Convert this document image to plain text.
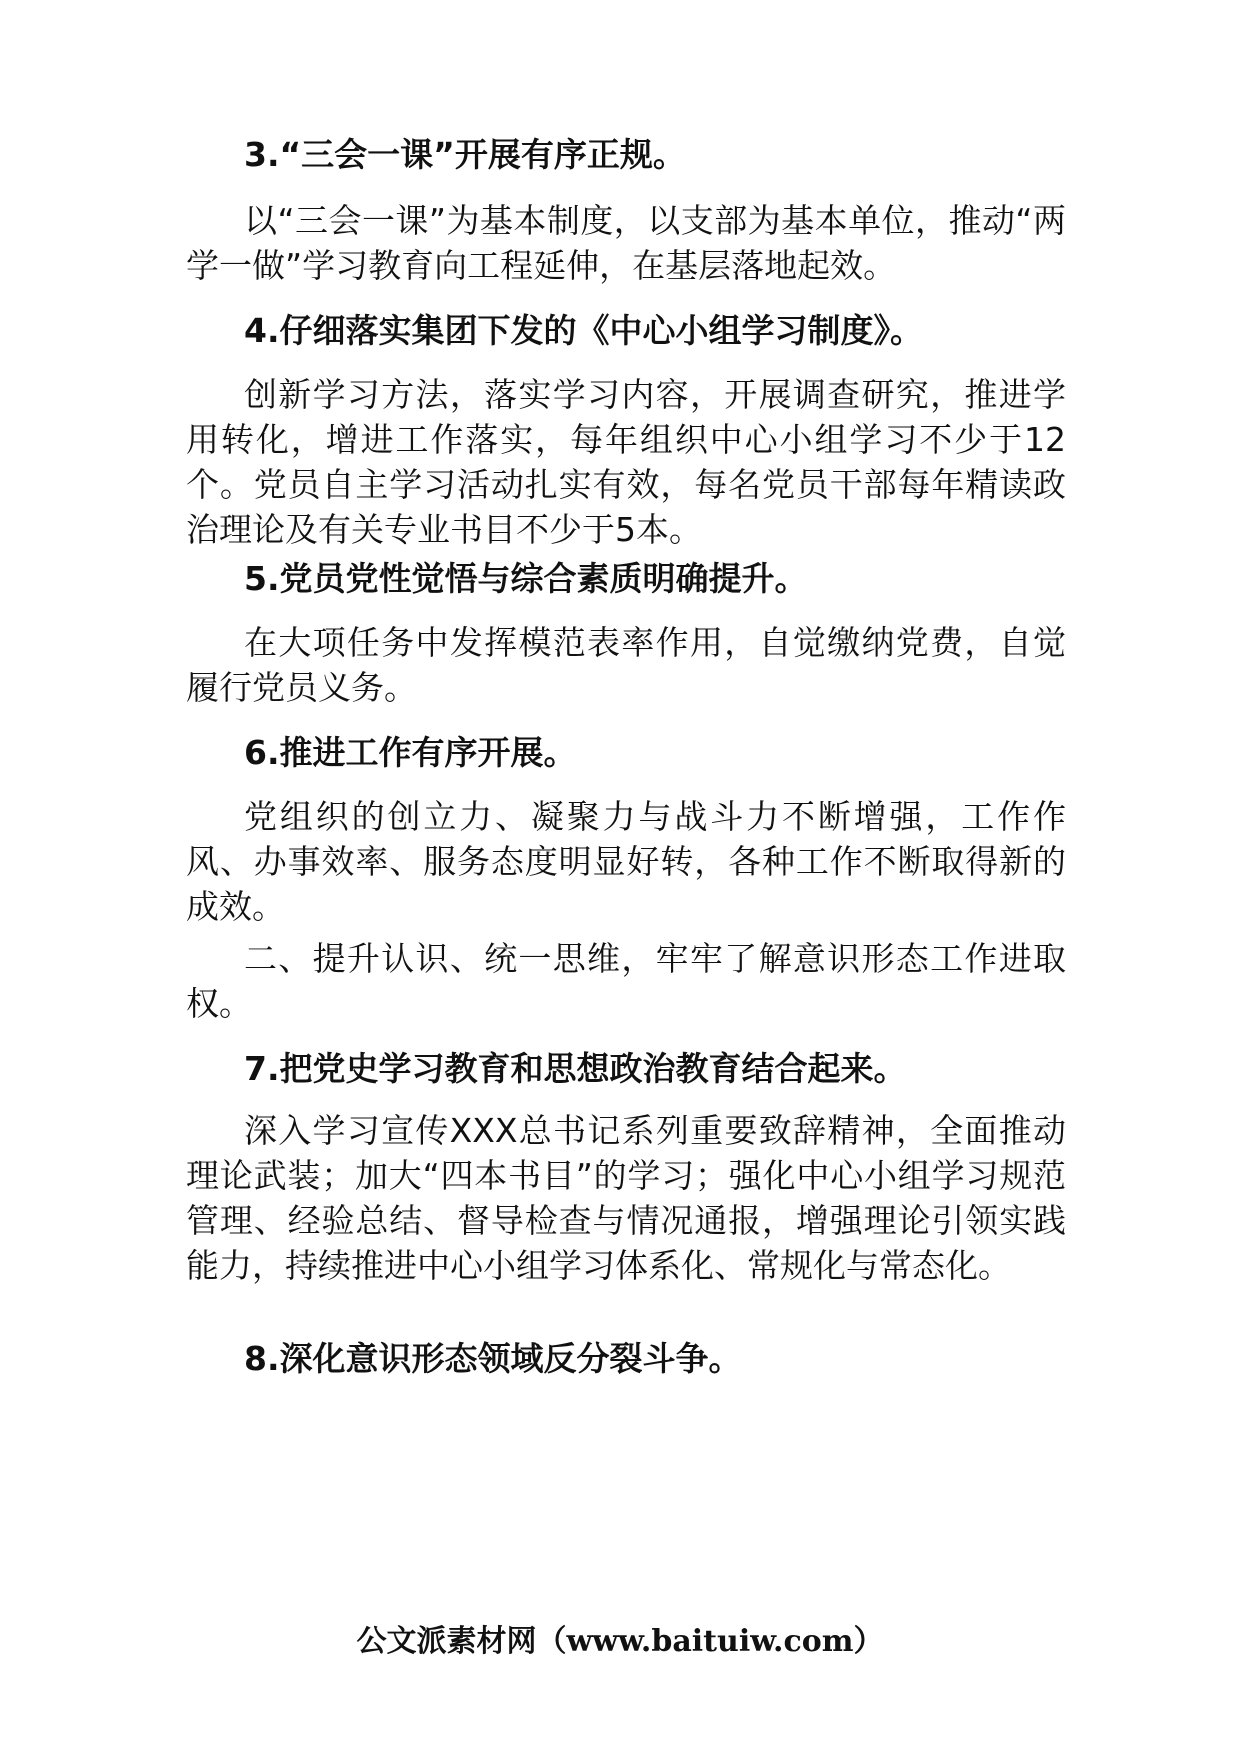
3.“三会一课”开展有序正规。

以“三会一课”为基本制度，以支部为基本单位，推动“两学一做”学习教育向工程延伸，在基层落地起效。

4.仔细落实集团下发的《中心小组学习制度》。

创新学习方法，落实学习内容，开展调查研究，推进学用转化，增进工作落实，每年组织中心小组学习不少于12个。党员自主学习活动扎实有效，每名党员干部每年精读政治理论及有关专业书目不少于5本。

5.党员党性觉悟与综合素质明确提升。

在大项任务中发挥模范表率作用，自觉缴纳党费，自觉履行党员义务。

6.推进工作有序开展。

党组织的创立力、凝聚力与战斗力不断增强，工作作风、办事效率、服务态度明显好转，各种工作不断取得新的成效。

二、提升认识、统一思维，牢牢了解意识形态工作进取权。

7.把党史学习教育和思想政治教育结合起来。

深入学习宣传XXX总书记系列重要致辞精神，全面推动理论武装；加大“四本书目”的学习；强化中心小组学习规范管理、经验总结、督导检查与情况通报，增强理论引领实践能力，持续推进中心小组学习体系化、常规化与常态化。

8.深化意识形态领域反分裂斗争。

公文派素材网（www.baituiw.com）
